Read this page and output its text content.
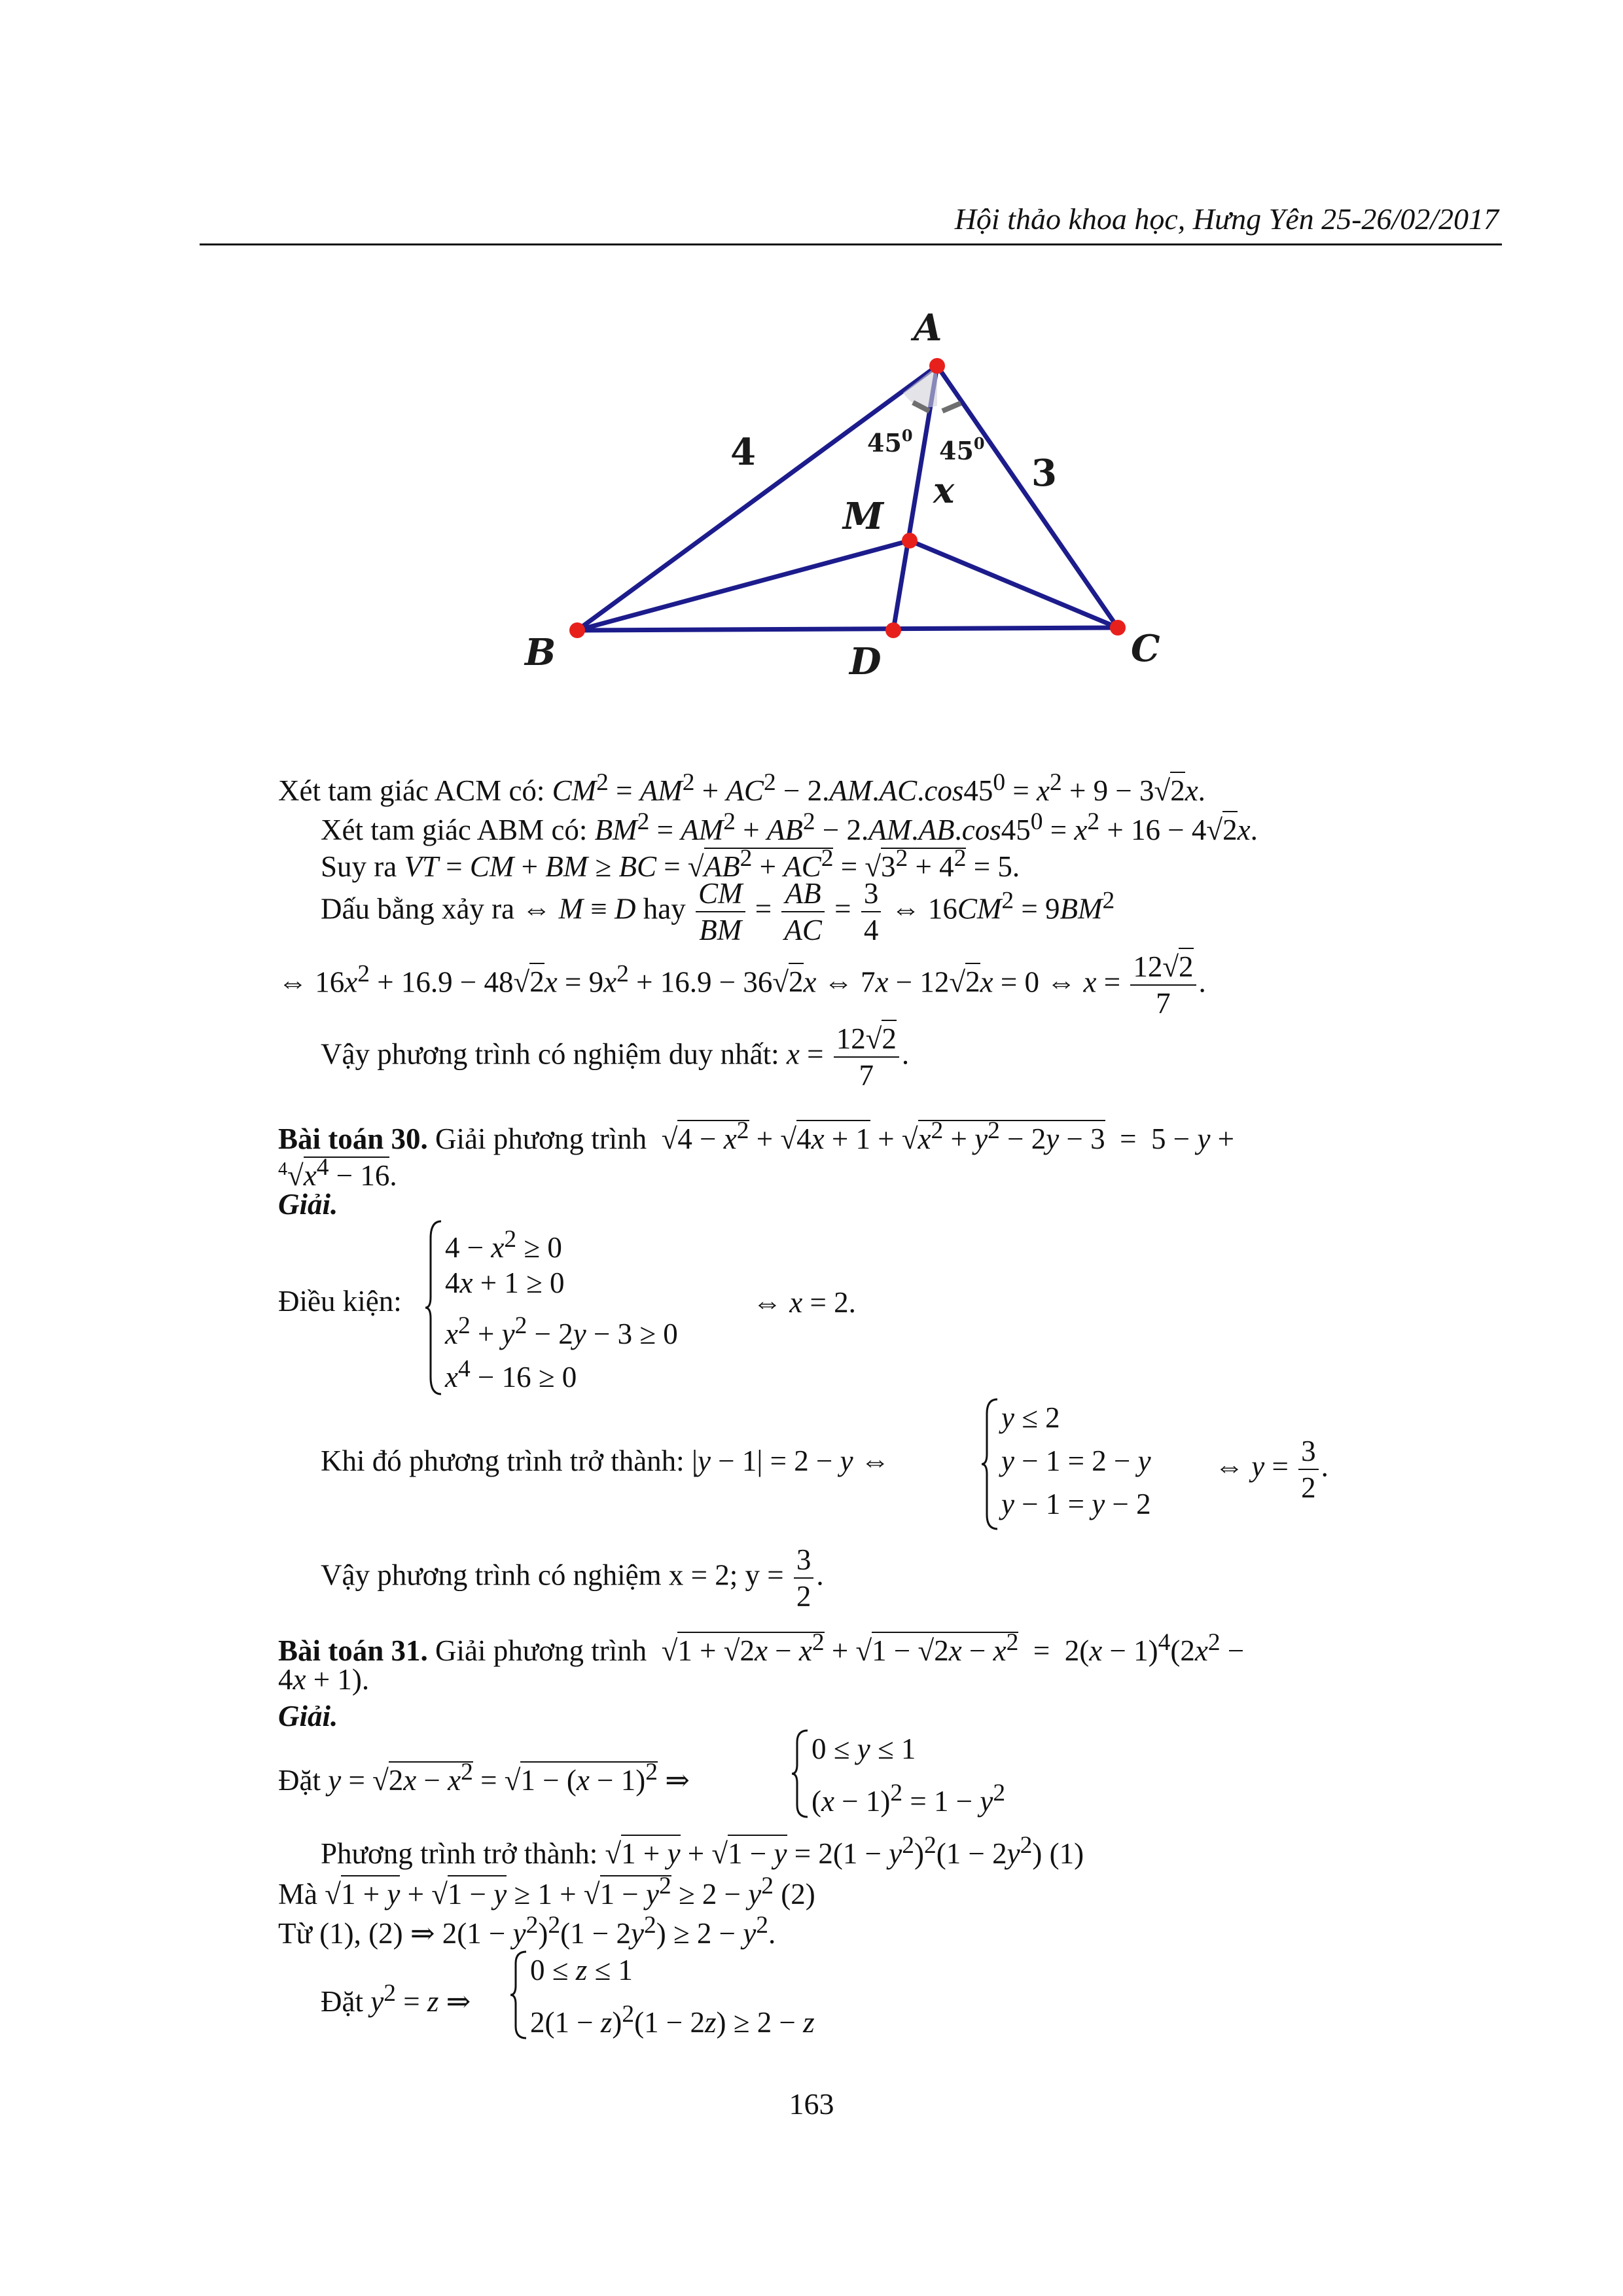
Hội thảo khoa học, Hưng Yên 25-26/02/2017
A
M
B	D	C
4	3
x
$45^0$
$45^0$
Xét tam giác ACM có: $CM^2 = AM^2 + AC^2 - 2.AM.AC.\cos 45^0 = x^2 + 9 - 3√2x$.
Xét tam giác ABM có: $BM^2 = AM^2 + AB^2 - 2.AM.AB.\cos 45^0 = x^2 + 16 - 4√2x$.
Suy ra VT = CM + BM ≥ BC = $√AB^2 + AC^2 = √3^2 + 4^2 = 5$.
Dấu bằng xảy ra ⇔ M ≡ D hay $\frac{CM}{BM} = \frac{AB}{AC} = \frac{3}{4}$ ⇔ $16CM^2 = 9BM^2$
⇔ $16x^2 + 16.9 - 48√2x = 9x^2 + 16.9 - 36√2x$ ⇔ 7x − 12√2x = 0 ⇔ $x = \frac{12√2}{7}$ .
Vậy phương trình có nghiệm duy nhất: $x = \frac{12√2}{7}$ .
Bài toán 30. Giải phương trình  $√4 - x^2 + √4x + 1 + √x^2 + y^2 - 2y - 3 = 5 - y$ +
$^4√x^4 - 16$.
Giải.
Điều kiện:
$4 - x^2 \ge 0$
4x + 1 ≥ 0
$x^2 + y^2 - 2y - 3 \ge 0$
$x^4 - 16 \ge 0$
⇔ x = 2.
Khi đó phương trình trở thành: |y − 1| = 2 − y ⇔
y ≤ 2
y − 1 = 2 − y
y − 1 = y − 2
⇔ $y = \frac{3}{2}$ .
Vậy phương trình có nghiệm x = 2; $y = \frac{3}{2}$ .
Bài toán 31. Giải phương trình  $√1 + √2x - x^2 + √1 - √2x - x^2 = 2(x - 1)^4(2x^2$ −
4x + 1).
Giải.
Đặt $y = √2x - x^2 = √1 - (x - 1)^2$ ⇒
0 ≤ y ≤ 1
$(x - 1)^2 = 1 - y^2$
Phương trình trở thành: $√1 + y + √1 - y = 2(1 - y^2)^2(1 - 2y^2)$ (1)
Mà $√1 + y + √1 - y \ge 1 + √1 - y^2 \ge 2 - y^2$ (2)
Từ (1), (2) ⇒ $2(1 - y^2)^2(1 - 2y^2) \ge 2 - y^2$.
Đặt $y^2 = z$ ⇒
0 ≤ z ≤ 1
$2(1 - z)^2(1 - 2z) \ge 2 - z$
163
